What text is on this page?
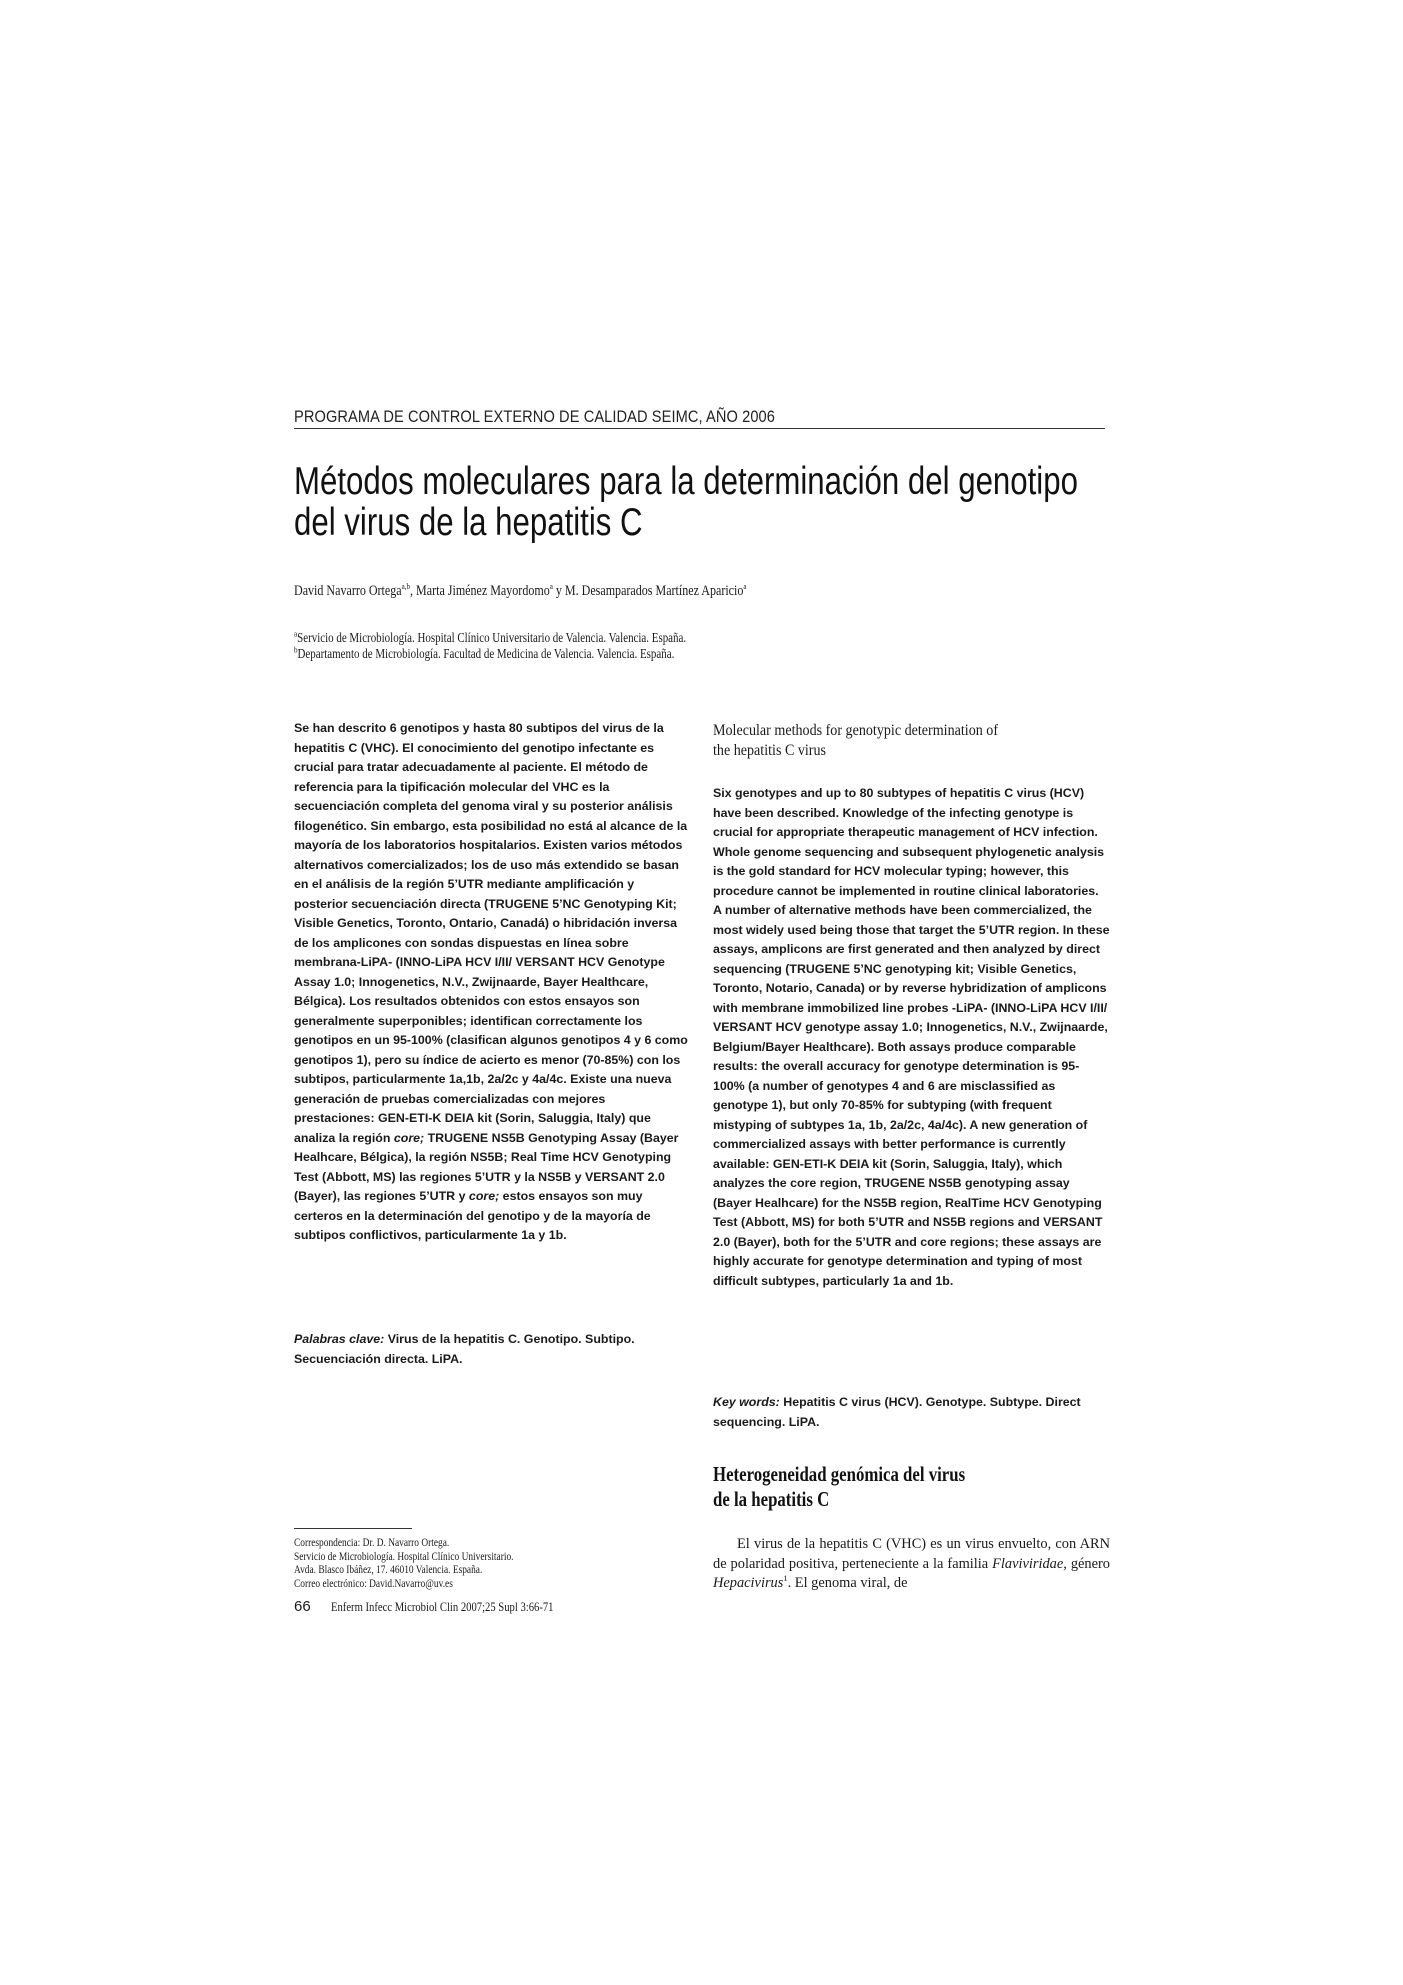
PROGRAMA DE CONTROL EXTERNO DE CALIDAD SEIMC, AÑO 2006
Métodos moleculares para la determinación del genotipo
del virus de la hepatitis C
David Navarro Ortega$^{a,b}$, Marta Jiménez Mayordomo$^a$ y M. Desamparados Martínez Aparicio$^a$
$^a$Servicio de Microbiología. Hospital Clínico Universitario de Valencia. Valencia. España.
$^b$Departamento de Microbiología. Facultad de Medicina de Valencia. Valencia. España.

Se han descrito 6 genotipos y hasta 80 subtipos del virus de la hepatitis C (VHC). El conocimiento del genotipo infectante es crucial para tratar adecuadamente al paciente. El método de referencia para la tipificación molecular del VHC es la secuenciación completa del genoma viral y su posterior análisis filogenético. Sin embargo, esta posibilidad no está al alcance de la mayoría de los laboratorios hospitalarios. Existen varios métodos alternativos comercializados; los de uso más extendido se basan en el análisis de la región 5’UTR mediante amplificación y posterior secuenciación directa (TRUGENE 5’NC Genotyping Kit; Visible Genetics, Toronto, Ontario, Canadá) o hibridación inversa de los amplicones con sondas dispuestas en línea sobre membrana-LiPA- (INNO-LiPA HCV I/II/ VERSANT HCV Genotype Assay 1.0; Innogenetics, N.V., Zwijnaarde, Bayer Healthcare, Bélgica). Los resultados obtenidos con estos ensayos son generalmente superponibles; identifican correctamente los genotipos en un 95-100% (clasifican algunos genotipos 4 y 6 como genotipos 1), pero su índice de acierto es menor (70-85%) con los subtipos, particularmente 1a,1b, 2a/2c y 4a/4c. Existe una nueva generación de pruebas comercializadas con mejores prestaciones: GEN-ETI-K DEIA kit (Sorin, Saluggia, Italy) que analiza la región core; TRUGENE NS5B Genotyping Assay (Bayer Healhcare, Bélgica), la región NS5B; Real Time HCV Genotyping Test (Abbott, MS) las regiones 5’UTR y la NS5B y VERSANT 2.0 (Bayer), las regiones 5’UTR y core; estos ensayos son muy certeros en la determinación del genotipo y de la mayoría de subtipos conflictivos, particularmente 1a y 1b.

Palabras clave: Virus de la hepatitis C. Genotipo. Subtipo. Secuenciación directa. LiPA.

Molecular methods for genotypic determination of the hepatitis C virus

Six genotypes and up to 80 subtypes of hepatitis C virus (HCV) have been described. Knowledge of the infecting genotype is crucial for appropriate therapeutic management of HCV infection. Whole genome sequencing and subsequent phylogenetic analysis is the gold standard for HCV molecular typing; however, this procedure cannot be implemented in routine clinical laboratories. A number of alternative methods have been commercialized, the most widely used being those that target the 5’UTR region. In these assays, amplicons are first generated and then analyzed by direct sequencing (TRUGENE 5’NC genotyping kit; Visible Genetics, Toronto, Notario, Canada) or by reverse hybridization of amplicons with membrane immobilized line probes -LiPA- (INNO-LiPA HCV I/II/ VERSANT HCV genotype assay 1.0; Innogenetics, N.V., Zwijnaarde, Belgium/Bayer Healthcare). Both assays produce comparable results: the overall accuracy for genotype determination is 95-100% (a number of genotypes 4 and 6 are misclassified as genotype 1), but only 70-85% for subtyping (with frequent mistyping of subtypes 1a, 1b, 2a/2c, 4a/4c). A new generation of commercialized assays with better performance is currently available: GEN-ETI-K DEIA kit (Sorin, Saluggia, Italy), which analyzes the core region, TRUGENE NS5B genotyping assay (Bayer Healhcare) for the NS5B region, RealTime HCV Genotyping Test (Abbott, MS) for both 5’UTR and NS5B regions and VERSANT 2.0 (Bayer), both for the 5’UTR and core regions; these assays are highly accurate for genotype determination and typing of most difficult subtypes, particularly 1a and 1b.

Key words: Hepatitis C virus (HCV). Genotype. Subtype. Direct sequencing. LiPA.

Heterogeneidad genómica del virus
de la hepatitis C

El virus de la hepatitis C (VHC) es un virus envuelto, con ARN de polaridad positiva, perteneciente a la familia Flaviviridae, género Hepacivirus$^1$. El genoma viral, de

Correspondencia: Dr. D. Navarro Ortega.
Servicio de Microbiología. Hospital Clínico Universitario.
Avda. Blasco Ibáñez, 17. 46010 Valencia. España.
Correo electrónico: David.Navarro@uv.es
66 Enferm Infecc Microbiol Clin 2007;25 Supl 3:66-71
